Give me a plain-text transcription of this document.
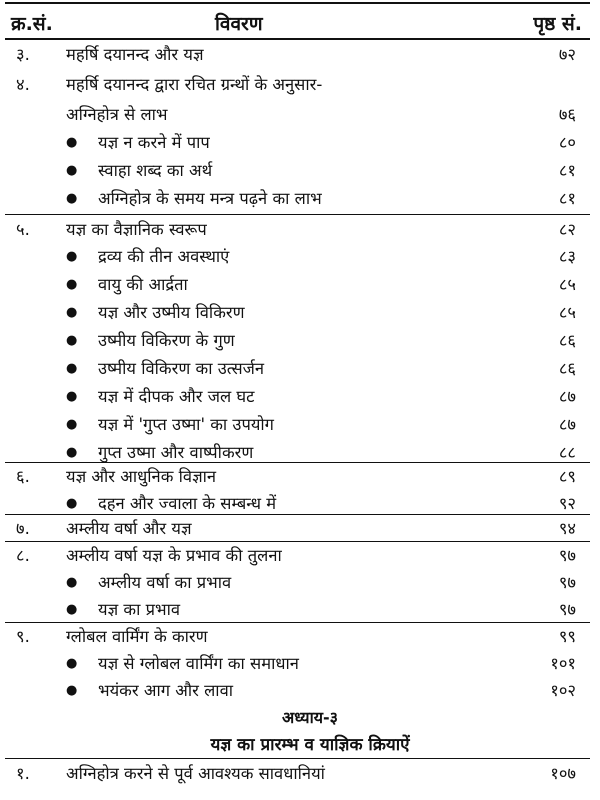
क्र.सं.	विवरण	पृष्ठ सं.
३. महर्षि दयानन्द और यज्ञ	७२
४. महर्षि दयानन्द द्वारा रचित ग्रन्थों के अनुसार-
अग्निहोत्र से लाभ	७६
● यज्ञ न करने में पाप	८०
● स्वाहा शब्द का अर्थ	८१
● अग्निहोत्र के समय मन्त्र पढ़ने का लाभ	८१
५. यज्ञ का वैज्ञानिक स्वरूप	८२
● द्रव्य की तीन अवस्थाएं	८३
● वायु की आर्द्रता	८५
● यज्ञ और उष्मीय विकिरण	८५
● उष्मीय विकिरण के गुण	८६
● उष्मीय विकिरण का उत्सर्जन	८६
● यज्ञ में दीपक और जल घट	८७
● यज्ञ में 'गुप्त उष्मा' का उपयोग	८७
● गुप्त उष्मा और वाष्पीकरण	८८
६. यज्ञ और आधुनिक विज्ञान	८९
● दहन और ज्वाला के सम्बन्ध में	९२
७. अम्लीय वर्षा और यज्ञ	९४
८. अम्लीय वर्षा यज्ञ के प्रभाव की तुलना	९७
● अम्लीय वर्षा का प्रभाव	९७
● यज्ञ का प्रभाव	९७
९. ग्लोबल वार्मिंग के कारण	९९
● यज्ञ से ग्लोबल वार्मिंग का समाधान	१०१
● भयंकर आग और लावा	१०२
अध्याय-३
यज्ञ का प्रारम्भ व याज्ञिक क्रियाऐं
१. अग्निहोत्र करने से पूर्व आवश्यक सावधानियां	१०७
